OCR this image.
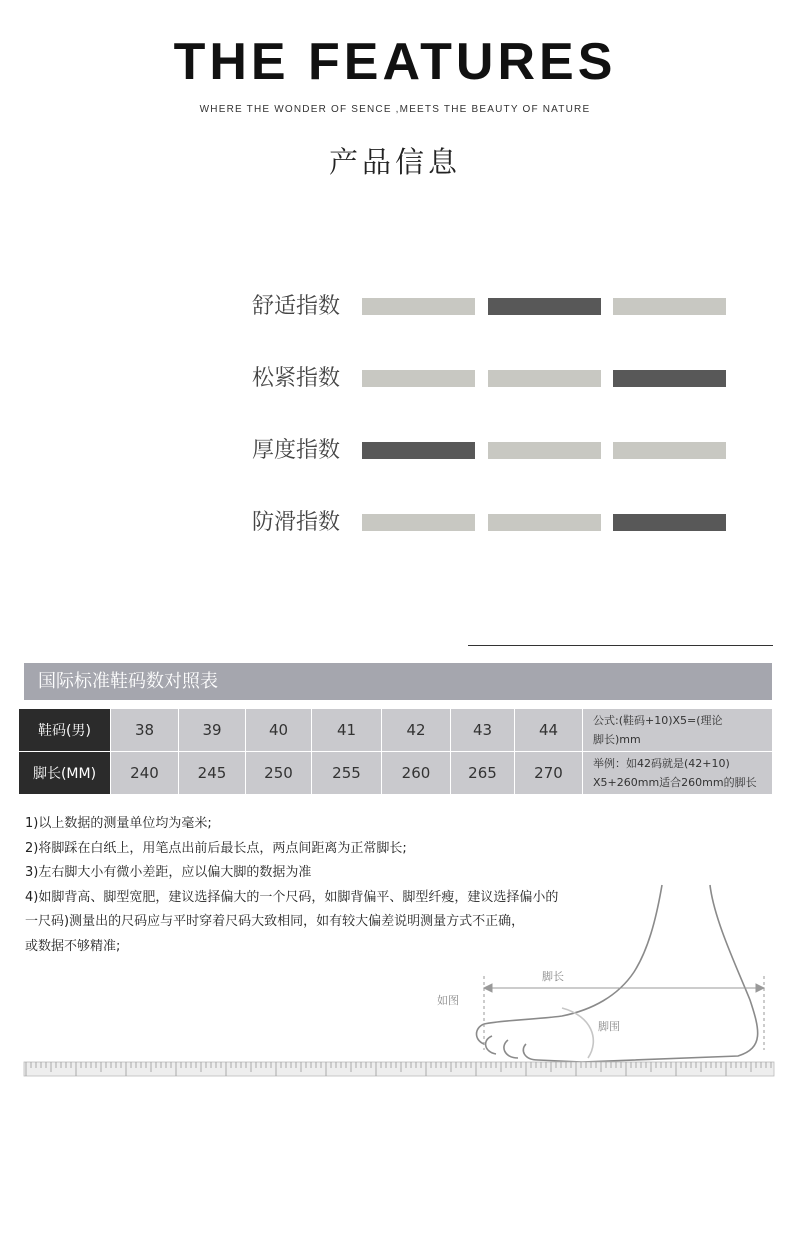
THE FEATURES
WHERE THE WONDER OF SENCE ,MEETS THE BEAUTY OF NATURE
产品信息
舒适指数
松紧指数
厚度指数
防滑指数
国际标准鞋码数对照表
鞋码(男)	38	39	40	41	42	43	44	公式:(鞋码+10)X5=(理论
脚长)mm

脚长(MM)	240	245	250	255	260	265	270	举例：如42码就是(42+10)
X5+260mm适合260mm的脚长

1)以上数据的测量单位均为毫米;

2)将脚踩在白纸上，用笔点出前后最长点，两点间距离为正常脚长;

3)左右脚大小有微小差距，应以偏大脚的数据为准

4)如脚背高、脚型宽肥，建议选择偏大的一个尺码，如脚背偏平、脚型纤瘦，建议选择偏小的

一尺码)测量出的尺码应与平时穿着尺码大致相同，如有较大偏差说明测量方式不正确，

或数据不够精准;

脚长
如图
脚围
